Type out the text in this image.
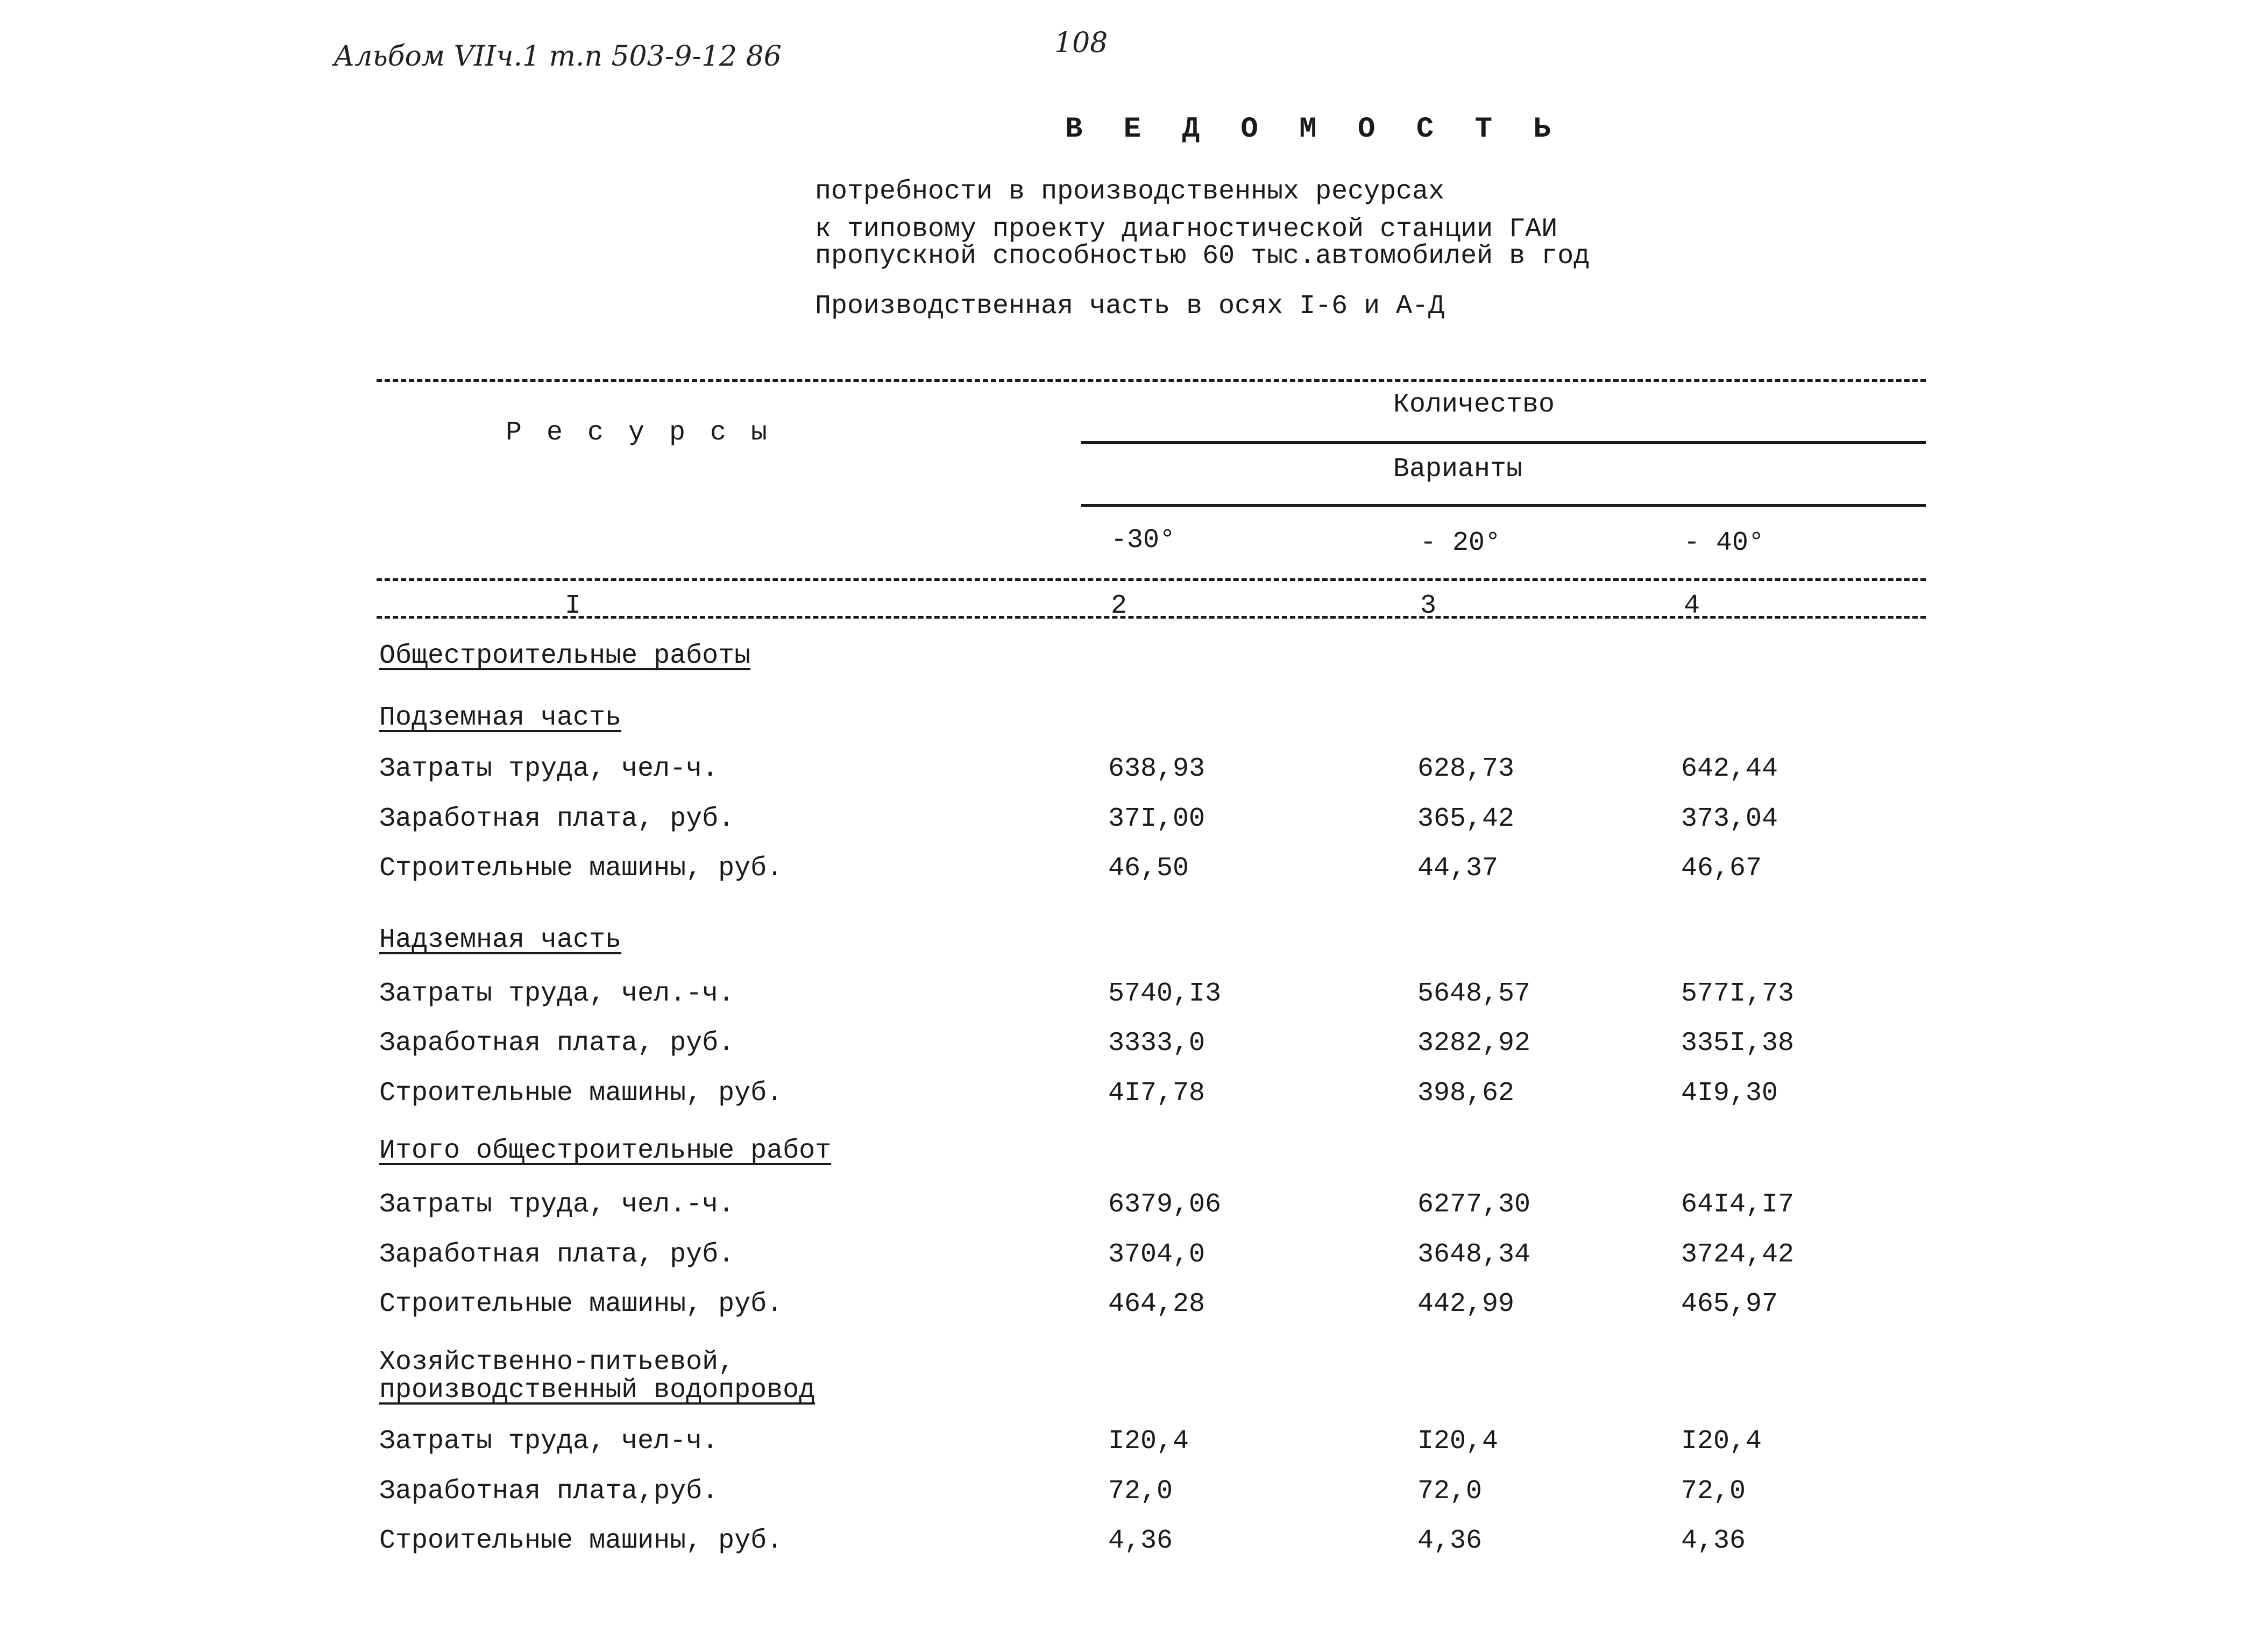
Альбом VIIч.1 т.п 503-9-12 86	108
В Е Д О М О С Т Ь
потребности в производственных ресурсах
к типовому проекту диагностической станции ГАИ
пропускной способностью 60 тыс.автомобилей в год
Производственная часть в осях I-6 и А-Д
Р е с у р с ы
Количество
Варианты
-30°	- 20°	- 40°
I	2	3	4
Общестроительные работы
Подземная часть
Затраты труда, чел-ч.	638,93	628,73	642,44
Заработная плата, руб.	37I,00	365,42	373,04
Строительные машины, руб.	46,50	44,37	46,67
Надземная часть
Затраты труда, чел.-ч.	5740,I3	5648,57	577I,73
Заработная плата, руб.	3333,0	3282,92	335I,38
Строительные машины, руб.	4I7,78	398,62	4I9,30
Итого общестроительные работ
Затраты труда, чел.-ч.	6379,06	6277,30	64I4,I7
Заработная плата, руб.	3704,0	3648,34	3724,42
Строительные машины, руб.	464,28	442,99	465,97
Хозяйственно-питьевой,
производственный водопровод
Затраты труда, чел-ч.	I20,4	I20,4	I20,4
Заработная плата,руб.	72,0	72,0	72,0
Строительные машины, руб.	4,36	4,36	4,36
